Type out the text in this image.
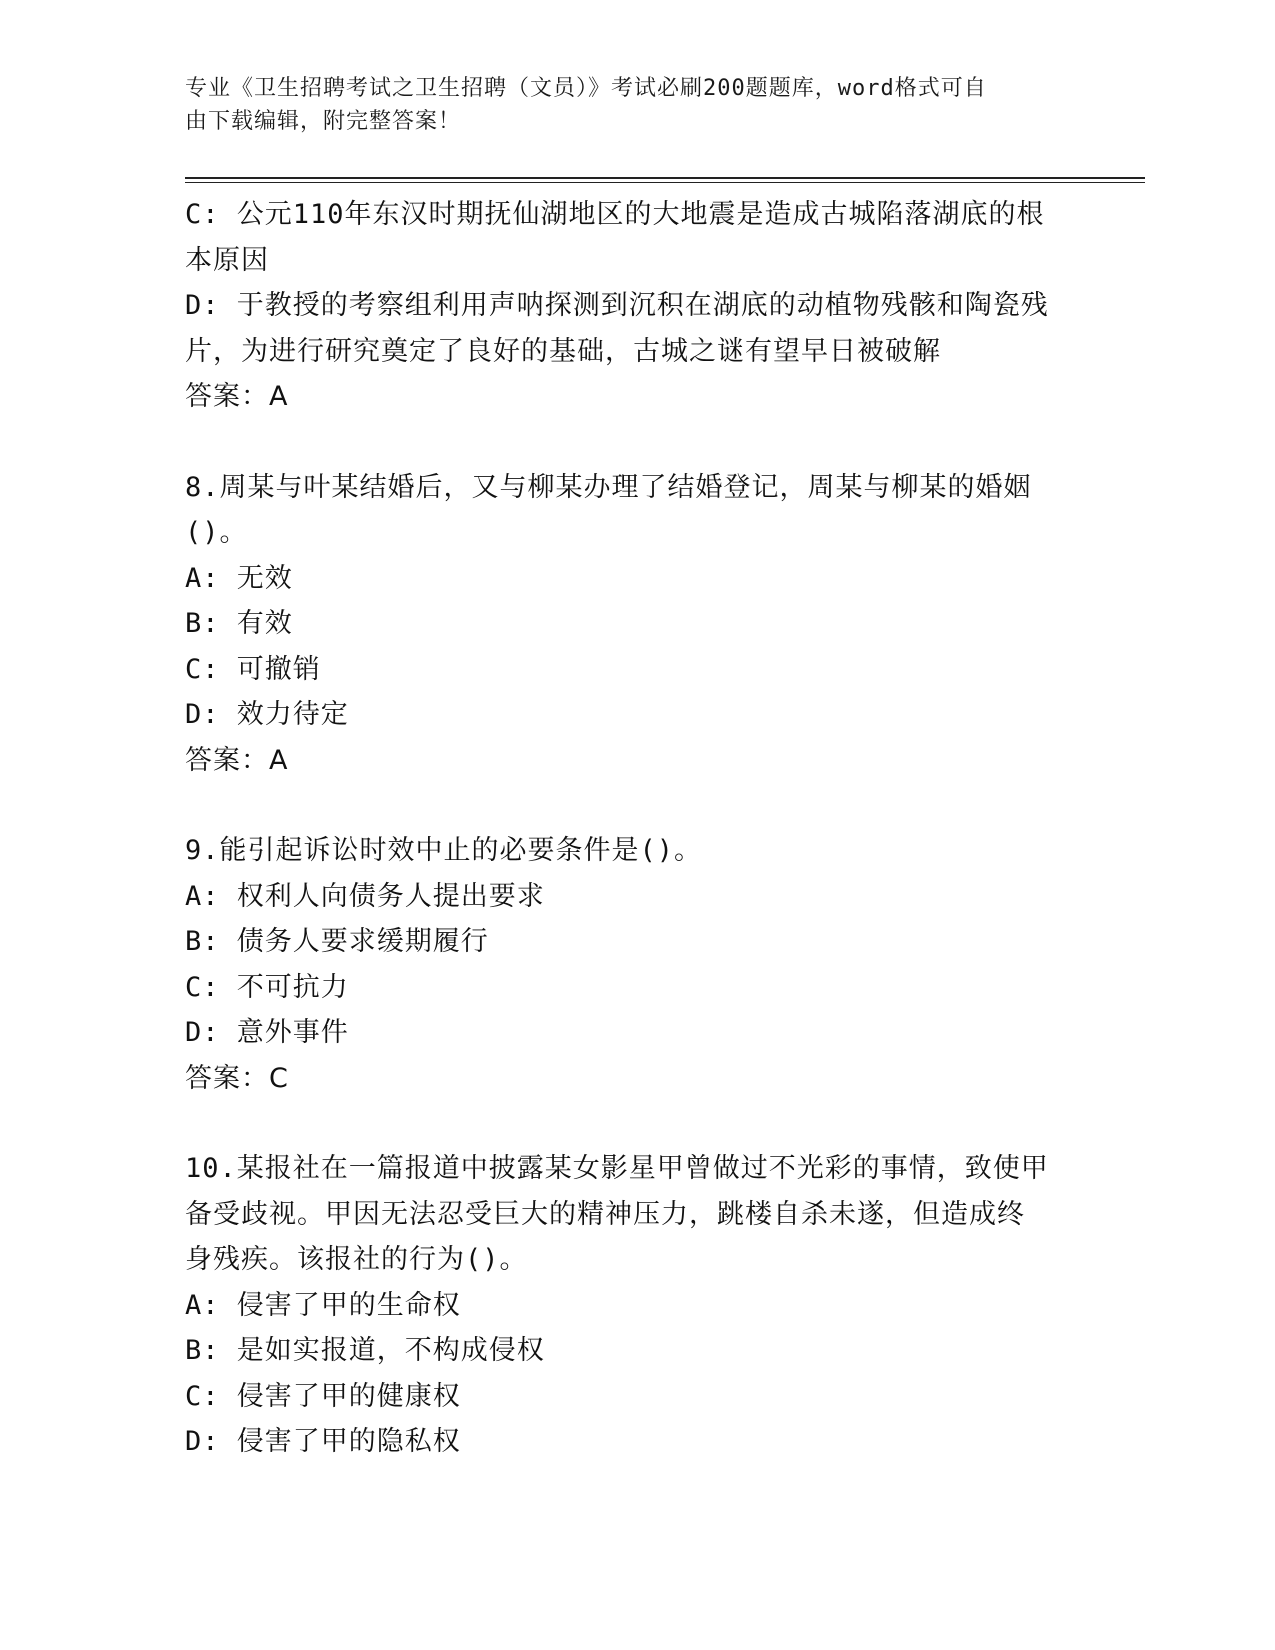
专业《卫生招聘考试之卫生招聘（文员）》考试必刷200题题库，word格式可自

由下载编辑，附完整答案！

C: 公元110年东汉时期抚仙湖地区的大地震是造成古城陷落湖底的根

本原因

D: 于教授的考察组利用声呐探测到沉积在湖底的动植物残骸和陶瓷残

片，为进行研究奠定了良好的基础，古城之谜有望早日被破解

答案：A

8.周某与叶某结婚后，又与柳某办理了结婚登记，周某与柳某的婚姻

()。

A: 无效

B: 有效

C: 可撤销

D: 效力待定

答案：A

9.能引起诉讼时效中止的必要条件是()。

A: 权利人向债务人提出要求

B: 债务人要求缓期履行

C: 不可抗力

D: 意外事件

答案：C

10.某报社在一篇报道中披露某女影星甲曾做过不光彩的事情，致使甲

备受歧视。甲因无法忍受巨大的精神压力，跳楼自杀未遂，但造成终

身残疾。该报社的行为()。

A: 侵害了甲的生命权

B: 是如实报道，不构成侵权

C: 侵害了甲的健康权

D: 侵害了甲的隐私权
